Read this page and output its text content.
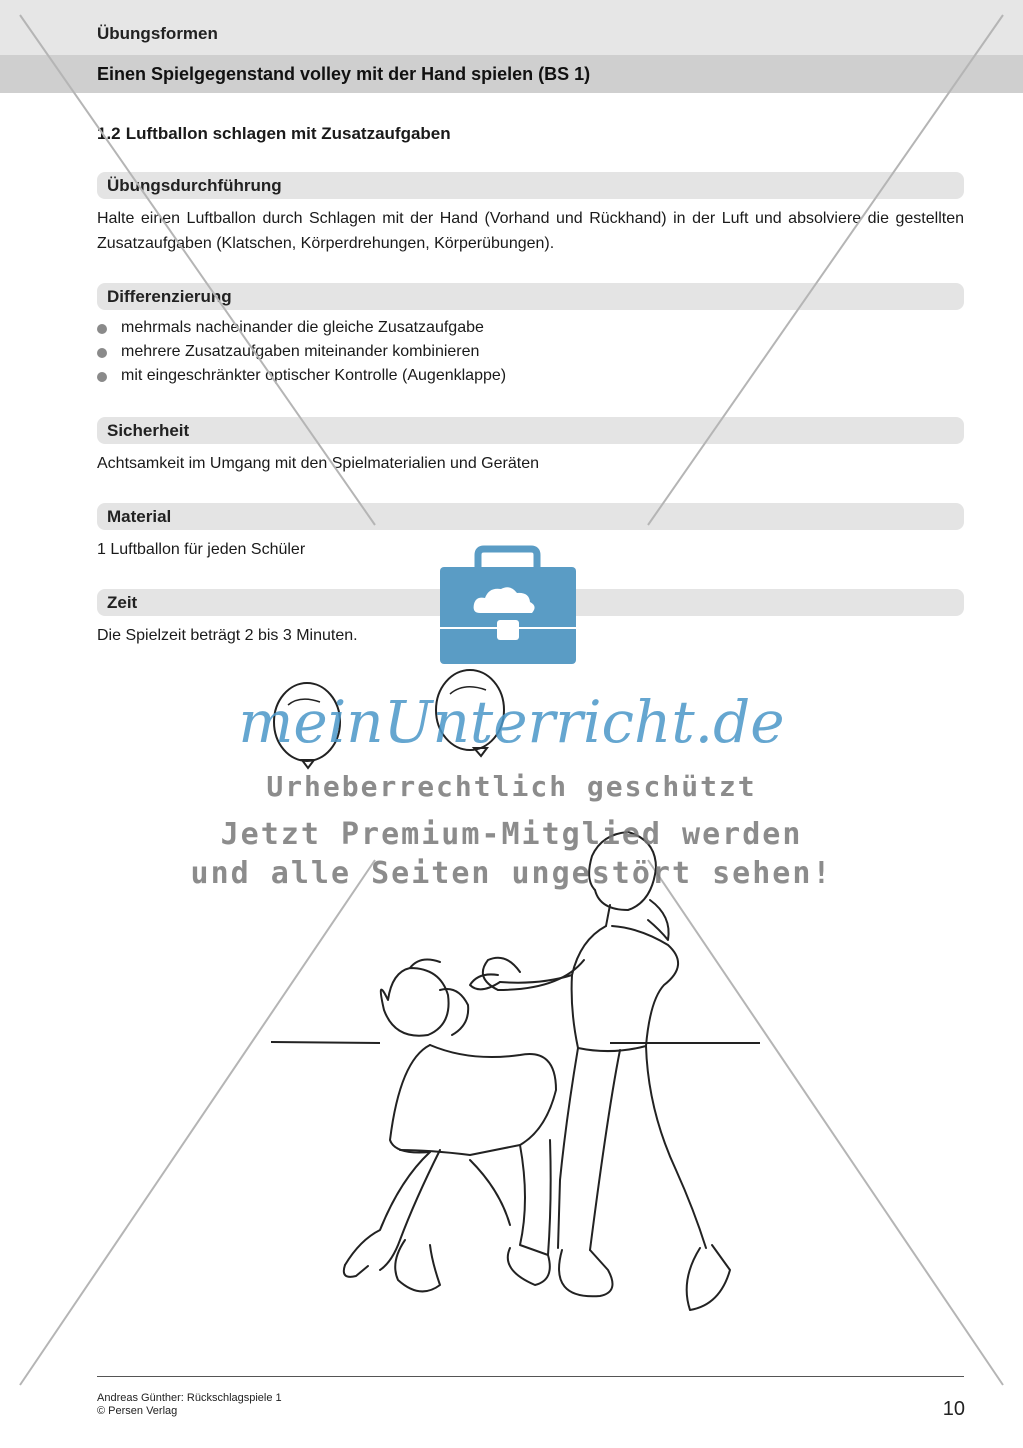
Übungsformen
Einen Spielgegenstand volley mit der Hand spielen (BS 1)
1.2 Luftballon schlagen mit Zusatzaufgaben
Übungsdurchführung
Halte einen Luftballon durch Schlagen mit der Hand (Vorhand und Rückhand) in der Luft und absolviere die gestellten Zusatzaufgaben (Klatschen, Körperdrehungen, Körperübungen).
Differenzierung
mehrmals nacheinander die gleiche Zusatzaufgabe
mehrere Zusatzaufgaben miteinander kombinieren
mit eingeschränkter optischer Kontrolle (Augenklappe)
Sicherheit
Achtsamkeit im Umgang mit den Spielmaterialien und Geräten
Material
1 Luftballon für jeden Schüler
Zeit
Die Spielzeit beträgt 2 bis 3 Minuten.
meinUnterricht.de
Urheberrechtlich geschützt
Jetzt Premium-Mitglied werden
und alle Seiten ungestört sehen!
Andreas Günther: Rückschlagspiele 1
© Persen Verlag	10
